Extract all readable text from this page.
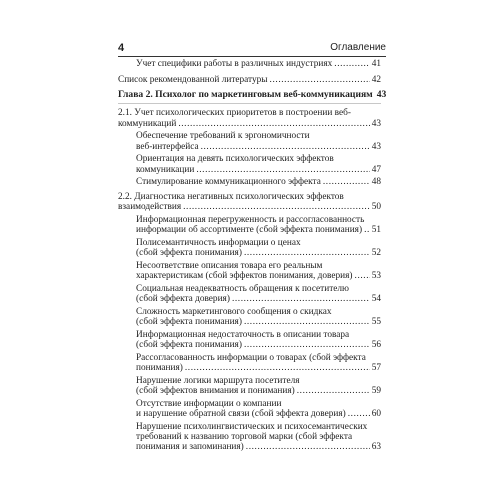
4	Оглавление
Учет специфики работы в различных индустриях .....	41
Список рекомендованной литературы .....	42
Глава 2. Психолог по маркетинговым веб-коммуникациям 43
2.1. Учет психологических приоритетов в построении веб-
коммуникаций .....	43
Обеспечение требований к эргономичности
веб-интерфейса .....	43
Ориентация на девять психологических эффектов
коммуникации .....	47
Стимулирование коммуникационного эффекта .....	48
2.2. Диагностика негативных психологических эффектов
взаимодействия .....	50
Информационная перегруженность и рассогласованность
информации об ассортименте (сбой эффекта понимания) ..... 51
Полисемантичность информации о ценах
(сбой эффекта понимания) .....	52
Несоответствие описания товара его реальным
характеристикам (сбой эффектов понимания, доверия) ..... 53
Социальная неадекватность обращения к посетителю
(сбой эффекта доверия) .....	54
Сложность маркетингового сообщения о скидках
(сбой эффекта понимания) .....	55
Информационная недостаточность в описании товара
(сбой эффекта понимания) .....	56
Рассогласованность информации о товарах (сбой эффекта
понимания) .....	57
Нарушение логики маршрута посетителя
(сбой эффектов внимания и понимания) .....	59
Отсутствие информации о компании
и нарушение обратной связи (сбой эффекта доверия) .....	60
Нарушение психолингвистических и психосемантических
требований к названию торговой марки (сбой эффекта
понимания и запоминания) .....	63
